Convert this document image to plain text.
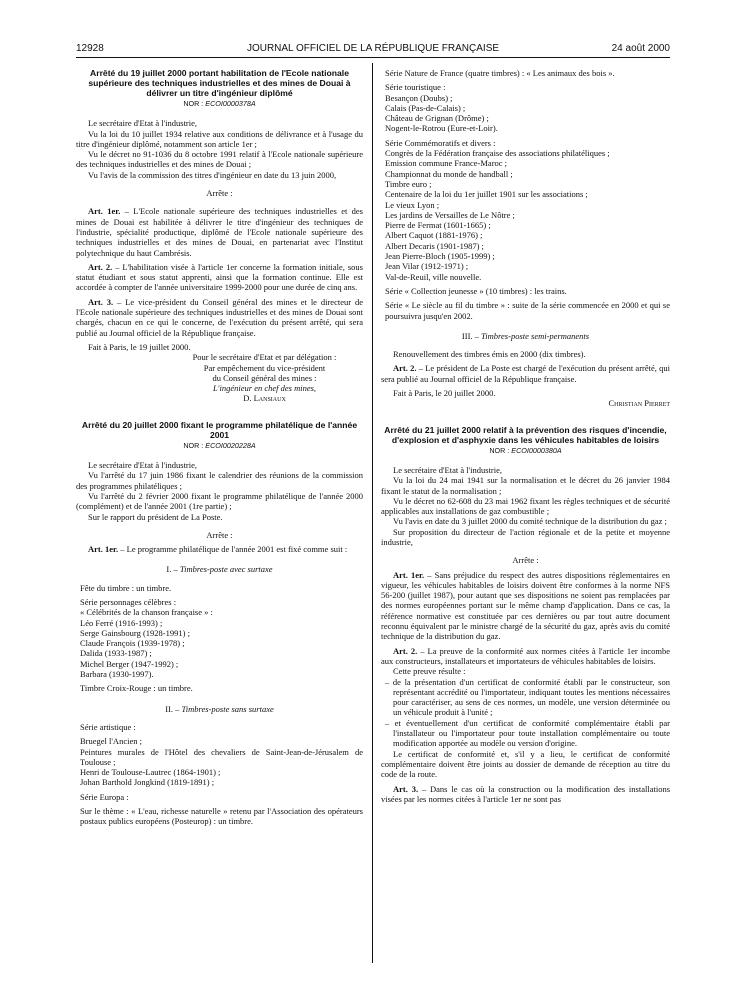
12928	JOURNAL OFFICIEL DE LA RÉPUBLIQUE FRANÇAISE	24 août 2000

Arrêté du 19 juillet 2000 portant habilitation de l'Ecole nationale supérieure des techniques industrielles et des mines de Douai à délivrer un titre d'ingénieur diplômé

NOR : ECOI0000378A

Le secrétaire d'Etat à l'industrie,

Vu la loi du 10 juillet 1934 relative aux conditions de délivrance et à l'usage du titre d'ingénieur diplômé, notamment son article 1er ;

Vu le décret no 91-1036 du 8 octobre 1991 relatif à l'Ecole nationale supérieure des techniques industrielles et des mines de Douai ;

Vu l'avis de la commission des titres d'ingénieur en date du 13 juin 2000,

Arrête :

Art. 1er. – L'Ecole nationale supérieure des techniques industrielles et des mines de Douai est habilitée à délivrer le titre d'ingénieur des techniques de l'industrie, spécialité productique, diplômé de l'Ecole nationale supérieure des techniques industrielles et des mines de Douai, en partenariat avec l'Institut polytechnique du haut Cambrésis.

Art. 2. – L'habilitation visée à l'article 1er concerne la formation initiale, sous statut étudiant et sous statut apprenti, ainsi que la formation continue. Elle est accordée à compter de l'année universitaire 1999-2000 pour une durée de cinq ans.

Art. 3. – Le vice-président du Conseil général des mines et le directeur de l'Ecole nationale supérieure des techniques industrielles et des mines de Douai sont chargés, chacun en ce qui le concerne, de l'exécution du présent arrêté, qui sera publié au Journal officiel de la République française.

Fait à Paris, le 19 juillet 2000.

Pour le secrétaire d'Etat et par délégation :

Par empêchement du vice-président

du Conseil général des mines :

L'ingénieur en chef des mines,

D. Lansiaux

Arrêté du 20 juillet 2000 fixant le programme philatélique de l'année 2001

NOR : ECOI0020228A

Le secrétaire d'Etat à l'industrie,

Vu l'arrêté du 17 juin 1986 fixant le calendrier des réunions de la commission des programmes philatéliques ;

Vu l'arrêté du 2 février 2000 fixant le programme philatélique de l'année 2000 (complément) et de l'année 2001 (1re partie) ;

Sur le rapport du président de La Poste.

Arrête :

Art. 1er. – Le programme philatélique de l'année 2001 est fixé comme suit :

I. – Timbres-poste avec surtaxe

Fête du timbre : un timbre.

Série personnages célèbres :

« Célébrités de la chanson française » :

Léo Ferré (1916-1993) ;

Serge Gainsbourg (1928-1991) ;

Claude François (1939-1978) ;

Dalida (1933-1987) ;

Michel Berger (1947-1992) ;

Barbara (1930-1997).

Timbre Croix-Rouge : un timbre.

II. – Timbres-poste sans surtaxe

Série artistique :

Bruegel l'Ancien ;

Peintures murales de l'Hôtel des chevaliers de Saint-Jean-de-Jérusalem de Toulouse ;

Henri de Toulouse-Lautrec (1864-1901) ;

Johan Barthold Jongkind (1819-1891) ;

Série Europa :

Sur le thème : « L'eau, richesse naturelle » retenu par l'Association des opérateurs postaux publics européens (Posteurop) : un timbre.

Série Nature de France (quatre timbres) : « Les animaux des bois ».

Série touristique :

Besançon (Doubs) ;

Calais (Pas-de-Calais) ;

Château de Grignan (Drôme) ;

Nogent-le-Rotrou (Eure-et-Loir).

Série Commémoratifs et divers :

Congrès de la Fédération française des associations philatéliques ;

Emission commune France-Maroc ;

Championnat du monde de handball ;

Timbre euro ;

Centenaire de la loi du 1er juillet 1901 sur les associations ;

Le vieux Lyon ;

Les jardins de Versailles de Le Nôtre ;

Pierre de Fermat (1601-1665) ;

Albert Caquot (1881-1976) ;

Albert Decaris (1901-1987) ;

Jean Pierre-Bloch (1905-1999) ;

Jean Vilar (1912-1971) ;

Val-de-Reuil, ville nouvelle.

Série « Collection jeunesse » (10 timbres) : les trains.

Série « Le siècle au fil du timbre » : suite de la série commencée en 2000 et qui se poursuivra jusqu'en 2002.

III. – Timbres-poste semi-permanents

Renouvellement des timbres émis en 2000 (dix timbres).

Art. 2. – Le président de La Poste est chargé de l'exécution du présent arrêté, qui sera publié au Journal officiel de la République française.

Fait à Paris, le 20 juillet 2000.

Christian Pierret

Arrêté du 21 juillet 2000 relatif à la prévention des risques d'incendie, d'explosion et d'asphyxie dans les véhicules habitables de loisirs

NOR : ECOI0000380A

Le secrétaire d'Etat à l'industrie,

Vu la loi du 24 mai 1941 sur la normalisation et le décret du 26 janvier 1984 fixant le statut de la normalisation ;

Vu le décret no 62-608 du 23 mai 1962 fixant les règles techniques et de sécurité applicables aux installations de gaz combustible ;

Vu l'avis en date du 3 juillet 2000 du comité technique de la distribution du gaz ;

Sur proposition du directeur de l'action régionale et de la petite et moyenne industrie,

Arrête :

Art. 1er. – Sans préjudice du respect des autres dispositions réglementaires en vigueur, les véhicules habitables de loisirs doivent être conformes à la norme NFS 56-200 (juillet 1987), pour autant que ses dispositions ne soient pas remplacées par des normes européennes portant sur le même champ d'application. Dans ce cas, la référence normative est constituée par ces dernières ou par tout autre document reconnu équivalent par le ministre chargé de la sécurité du gaz, après avis du comité technique de la distribution du gaz.

Art. 2. – La preuve de la conformité aux normes citées à l'article 1er incombe aux constructeurs, installateurs et importateurs de véhicules habitables de loisirs.

Cette preuve résulte :

– de la présentation d'un certificat de conformité établi par le constructeur, son représentant accrédité ou l'importateur, indiquant toutes les mentions nécessaires pour caractériser, au sens de ces normes, un modèle, une version déterminée ou un véhicule produit à l'unité ;

– et éventuellement d'un certificat de conformité complémentaire établi par l'installateur ou l'importateur pour toute installation complémentaire ou toute modification apportée au modèle ou version d'origine.

Le certificat de conformité et, s'il y a lieu, le certificat de conformité complémentaire doivent être joints au dossier de demande de réception au titre du code de la route.

Art. 3. – Dans le cas où la construction ou la modification des installations visées par les normes citées à l'article 1er ne sont pas
